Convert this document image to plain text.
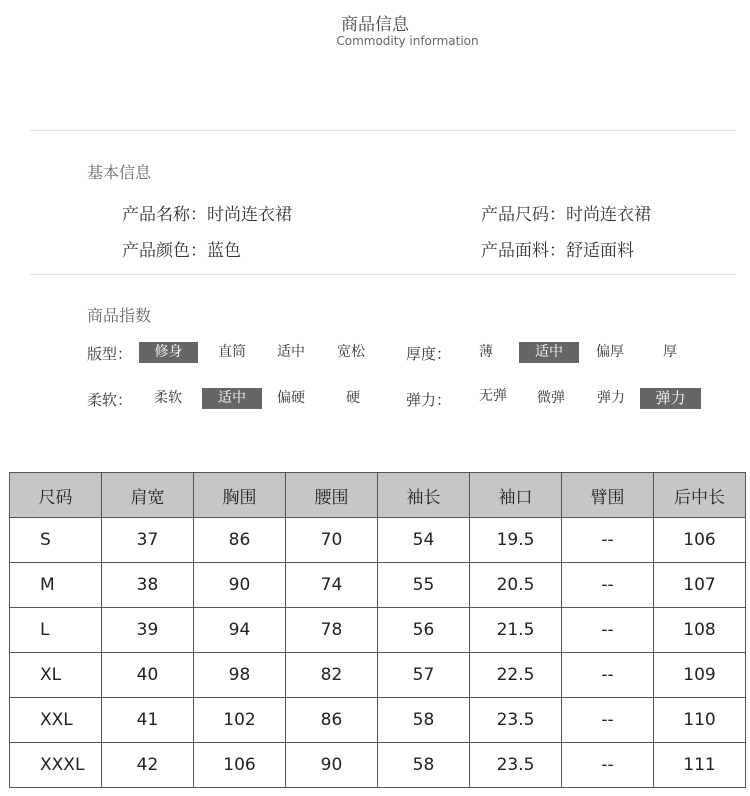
商品信息
Commodity information
基本信息
产品名称：时尚连衣裙	产品尺码：时尚连衣裙
产品颜色：蓝色	产品面料：舒适面料
商品指数
版型：	修身	直筒	适中	宽松	厚度：	薄	适中	偏厚	厚
柔软：	柔软	适中	偏硬	硬	弹力：	无弹	微弹	弹力	弹力
尺码	肩宽	胸围	腰围	袖长	袖口	臂围	后中长
S	37	86	70	54	19.5	--	106
M	38	90	74	55	20.5	--	107
L	39	94	78	56	21.5	--	108
XL	40	98	82	57	22.5	--	109
XXL	41	102	86	58	23.5	--	110
XXXL	42	106	90	58	23.5	--	111
